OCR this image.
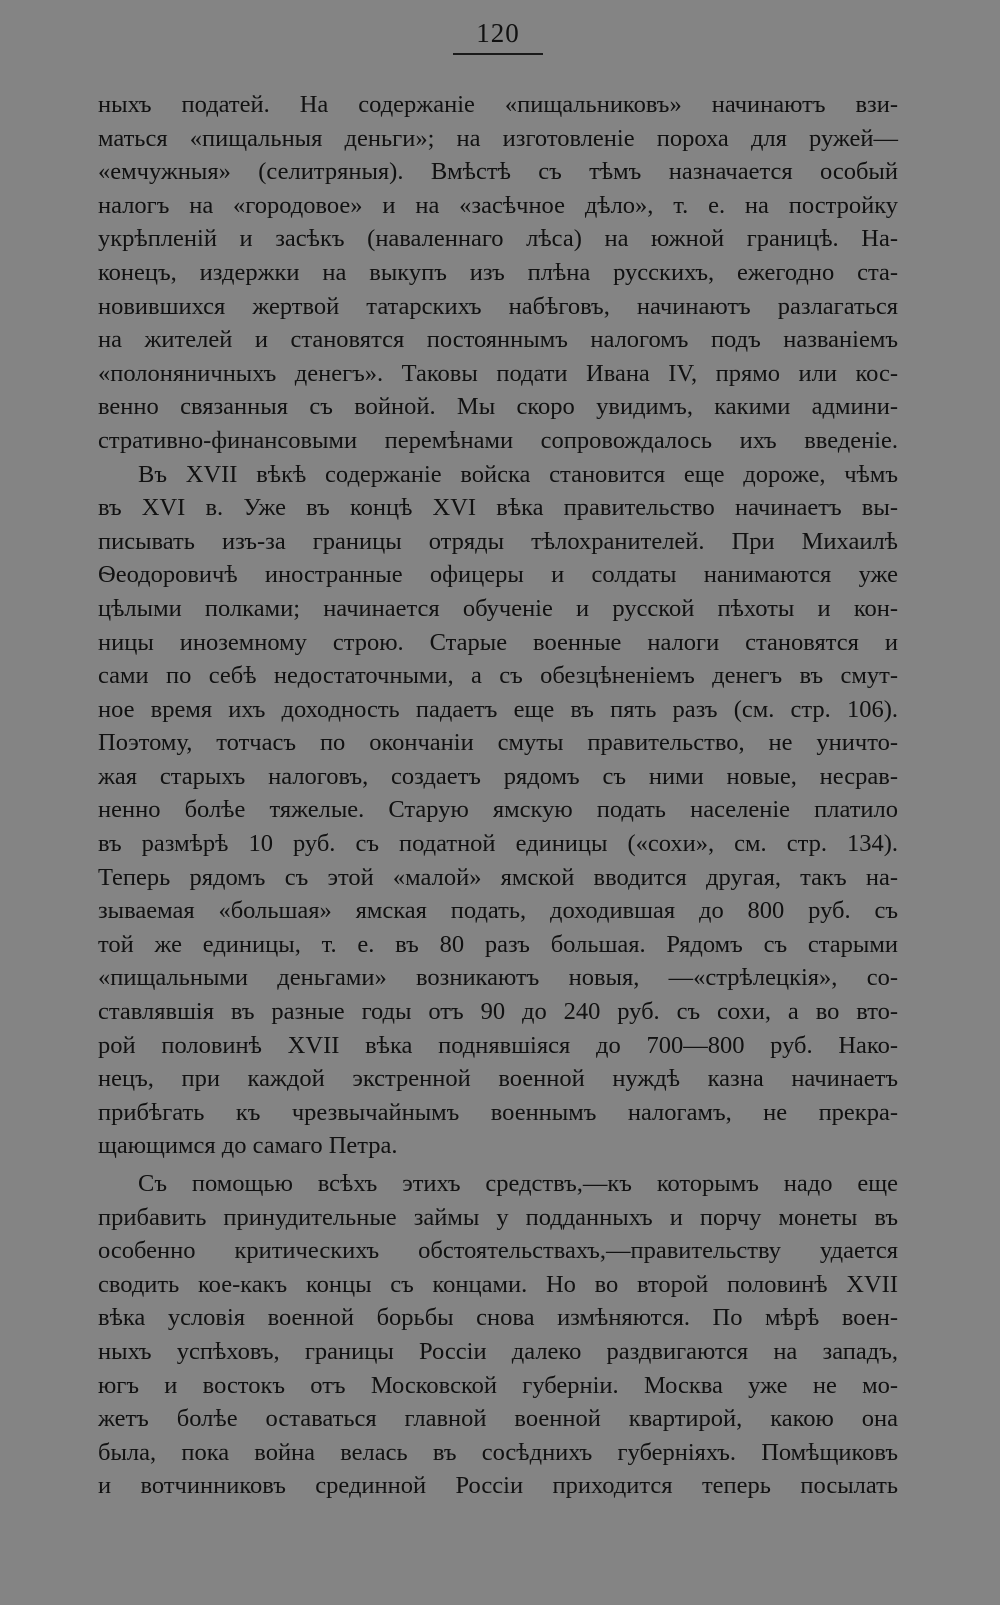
120
ныхъ податей. На содержаніе «пищальниковъ» начинаютъ взи-
маться «пищальныя деньги»; на изготовленіе пороха для ружей—
«емчужныя» (селитряныя). Вмѣстѣ съ тѣмъ назначается особый
налогъ на «городовое» и на «засѣчное дѣло», т. е. на постройку
укрѣпленій и засѣкъ (наваленнаго лѣса) на южной границѣ. На-
конецъ, издержки на выкупъ изъ плѣна русскихъ, ежегодно ста-
новившихся жертвой татарскихъ набѣговъ, начинаютъ разлагаться
на жителей и становятся постояннымъ налогомъ подъ названіемъ
«полоняничныхъ денегъ». Таковы подати Ивана IV, прямо или кос-
венно связанныя съ войной. Мы скоро увидимъ, какими админи-
стративно-финансовыми перемѣнами сопровождалось ихъ введеніе.
Въ XVII вѣкѣ содержаніе войска становится еще дороже, чѣмъ
въ XVI в. Уже въ концѣ XVI вѣка правительство начинаетъ вы-
писывать изъ-за границы отряды тѣлохранителей. При Михаилѣ
Ѳеодоровичѣ иностранные офицеры и солдаты нанимаются уже
цѣлыми полками; начинается обученіе и русской пѣхоты и кон-
ницы иноземному строю. Старые военные налоги становятся и
сами по себѣ недостаточными, а съ обезцѣненіемъ денегъ въ смут-
ное время ихъ доходность падаетъ еще въ пять разъ (см. стр. 106).
Поэтому, тотчасъ по окончаніи смуты правительство, не уничто-
жая старыхъ налоговъ, создаетъ рядомъ съ ними новые, несрав-
ненно болѣе тяжелые. Старую ямскую подать населеніе платило
въ размѣрѣ 10 руб. съ податной единицы («сохи», см. стр. 134).
Теперь рядомъ съ этой «малой» ямской вводится другая, такъ на-
зываемая «большая» ямская подать, доходившая до 800 руб. съ
той же единицы, т. е. въ 80 разъ большая. Рядомъ съ старыми
«пищальными деньгами» возникаютъ новыя, —«стрѣлецкія», со-
ставлявшія въ разные годы отъ 90 до 240 руб. съ сохи, а во вто-
рой половинѣ XVII вѣка поднявшіяся до 700—800 руб. Нако-
нецъ, при каждой экстренной военной нуждѣ казна начинаетъ
прибѣгать къ чрезвычайнымъ военнымъ налогамъ, не прекра-
щающимся до самаго Петра.
Съ помощью всѣхъ этихъ средствъ,—къ которымъ надо еще
прибавить принудительные займы у подданныхъ и порчу монеты въ
особенно критическихъ обстоятельствахъ,—правительству удается
сводить кое-какъ концы съ концами. Но во второй половинѣ XVII
вѣка условія военной борьбы снова измѣняются. По мѣрѣ воен-
ныхъ успѣховъ, границы Россіи далеко раздвигаются на западъ,
югъ и востокъ отъ Московской губерніи. Москва уже не мо-
жетъ болѣе оставаться главной военной квартирой, какою она
была, пока война велась въ сосѣднихъ губерніяхъ. Помѣщиковъ
и вотчинниковъ срединной Россіи приходится теперь посылать
